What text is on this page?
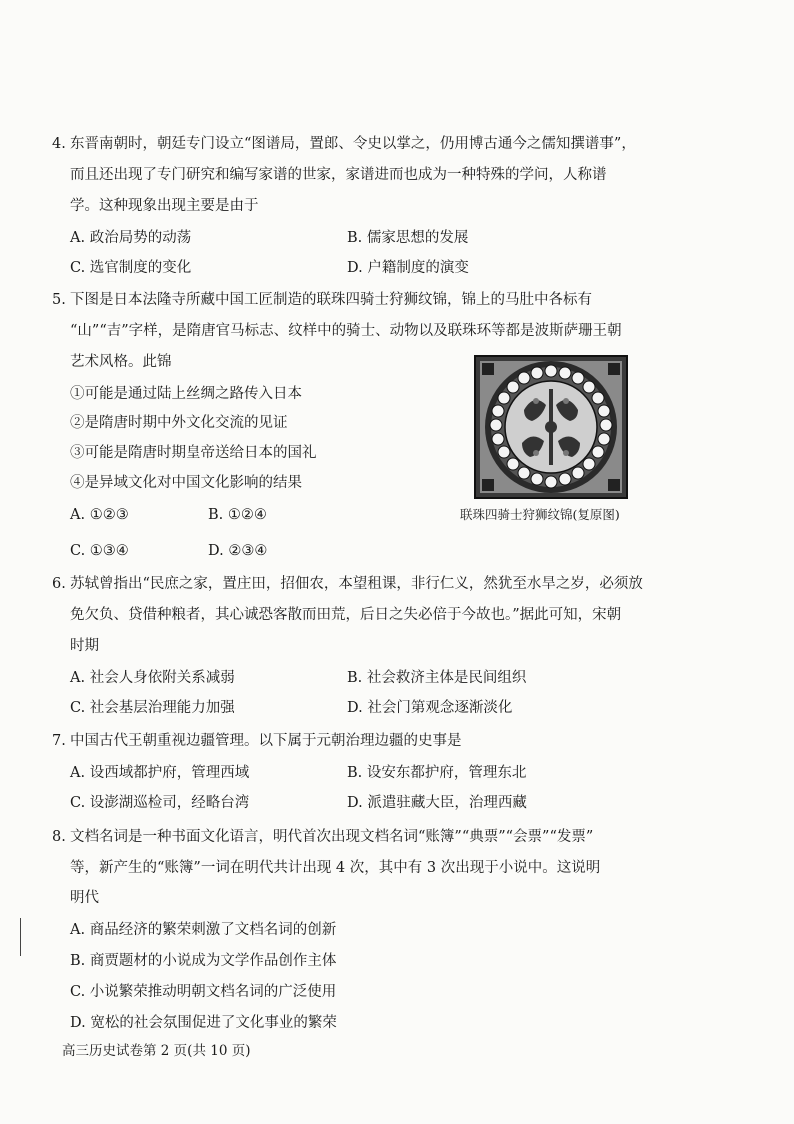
4. 东晋南朝时，朝廷专门设立“图谱局，置郎、令史以掌之，仍用博古通今之儒知撰谱事”，
而且还出现了专门研究和编写家谱的世家，家谱进而也成为一种特殊的学问，人称谱
学。这种现象出现主要是由于
A. 政治局势的动荡	B. 儒家思想的发展
C. 选官制度的变化	D. 户籍制度的演变
5. 下图是日本法隆寺所藏中国工匠制造的联珠四骑士狩狮纹锦，锦上的马肚中各标有
“山”“吉”字样，是隋唐官马标志、纹样中的骑士、动物以及联珠环等都是波斯萨珊王朝
艺术风格。此锦
①可能是通过陆上丝绸之路传入日本
②是隋唐时期中外文化交流的见证
③可能是隋唐时期皇帝送给日本的国礼
④是异域文化对中国文化影响的结果
A. ①②③	B. ①②④
C. ①③④	D. ②③④
联珠四骑士狩狮纹锦(复原图)
6. 苏轼曾指出“民庶之家，置庄田，招佃农，本望租课，非行仁义，然犹至水旱之岁，必须放
免欠负、贷借种粮者，其心诚恐客散而田荒，后日之失必倍于今故也。”据此可知，宋朝
时期
A. 社会人身依附关系减弱	B. 社会救济主体是民间组织
C. 社会基层治理能力加强	D. 社会门第观念逐渐淡化
7. 中国古代王朝重视边疆管理。以下属于元朝治理边疆的史事是
A. 设西域都护府，管理西域	B. 设安东都护府，管理东北
C. 设澎湖巡检司，经略台湾	D. 派遣驻藏大臣，治理西藏
8. 文档名词是一种书面文化语言，明代首次出现文档名词“账簿”“典票”“会票”“发票”
等，新产生的“账簿”一词在明代共计出现 4 次，其中有 3 次出现于小说中。这说明
明代
A. 商品经济的繁荣刺激了文档名词的创新
B. 商贾题材的小说成为文学作品创作主体
C. 小说繁荣推动明朝文档名词的广泛使用
D. 宽松的社会氛围促进了文化事业的繁荣
高三历史试卷第 2 页(共 10 页)
